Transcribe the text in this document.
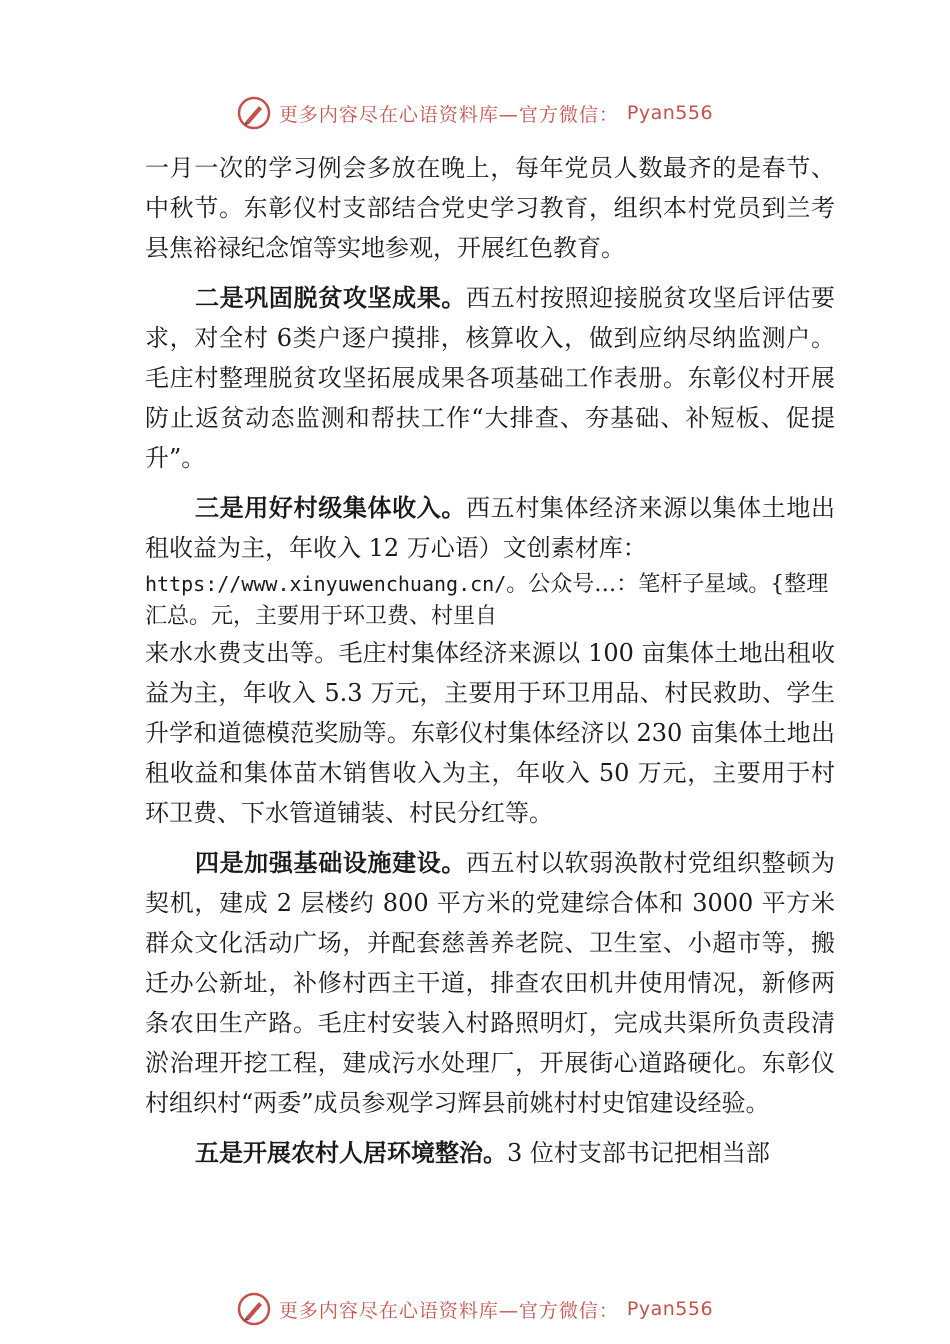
更多内容尽在心语资料库—官方微信： Pyan556

一月一次的学习例会多放在晚上，每年党员人数最齐的是春节、中秋节。东彰仪村支部结合党史学习教育，组织本村党员到兰考县焦裕禄纪念馆等实地参观，开展红色教育。

二是巩固脱贫攻坚成果。西五村按照迎接脱贫攻坚后评估要求，对全村 6类户逐户摸排，核算收入，做到应纳尽纳监测户。毛庄村整理脱贫攻坚拓展成果各项基础工作表册。东彰仪村开展防止返贫动态监测和帮扶工作“大排查、夯基础、补短板、促提升”。

三是用好村级集体收入。西五村集体经济来源以集体土地出租收益为主，年收入 12 万心语）文创素材库：

https://www.xinyuwenchuang.cn/。公众号…：笔杆子星域。{整理汇总。元，主要用于环卫费、村里自

来水水费支出等。毛庄村集体经济来源以 100 亩集体土地出租收益为主，年收入 5.3 万元，主要用于环卫用品、村民救助、学生升学和道德模范奖励等。东彰仪村集体经济以 230 亩集体土地出租收益和集体苗木销售收入为主，年收入 50 万元，主要用于村环卫费、下水管道铺装、村民分红等。

四是加强基础设施建设。西五村以软弱涣散村党组织整顿为契机，建成 2 层楼约 800 平方米的党建综合体和 3000 平方米群众文化活动广场，并配套慈善养老院、卫生室、小超市等，搬迁办公新址，补修村西主干道，排查农田机井使用情况，新修两条农田生产路。毛庄村安装入村路照明灯，完成共渠所负责段清淤治理开挖工程，建成污水处理厂，开展街心道路硬化。东彰仪村组织村“两委”成员参观学习辉县前姚村村史馆建设经验。

五是开展农村人居环境整治。3 位村支部书记把相当部

更多内容尽在心语资料库—官方微信： Pyan556
